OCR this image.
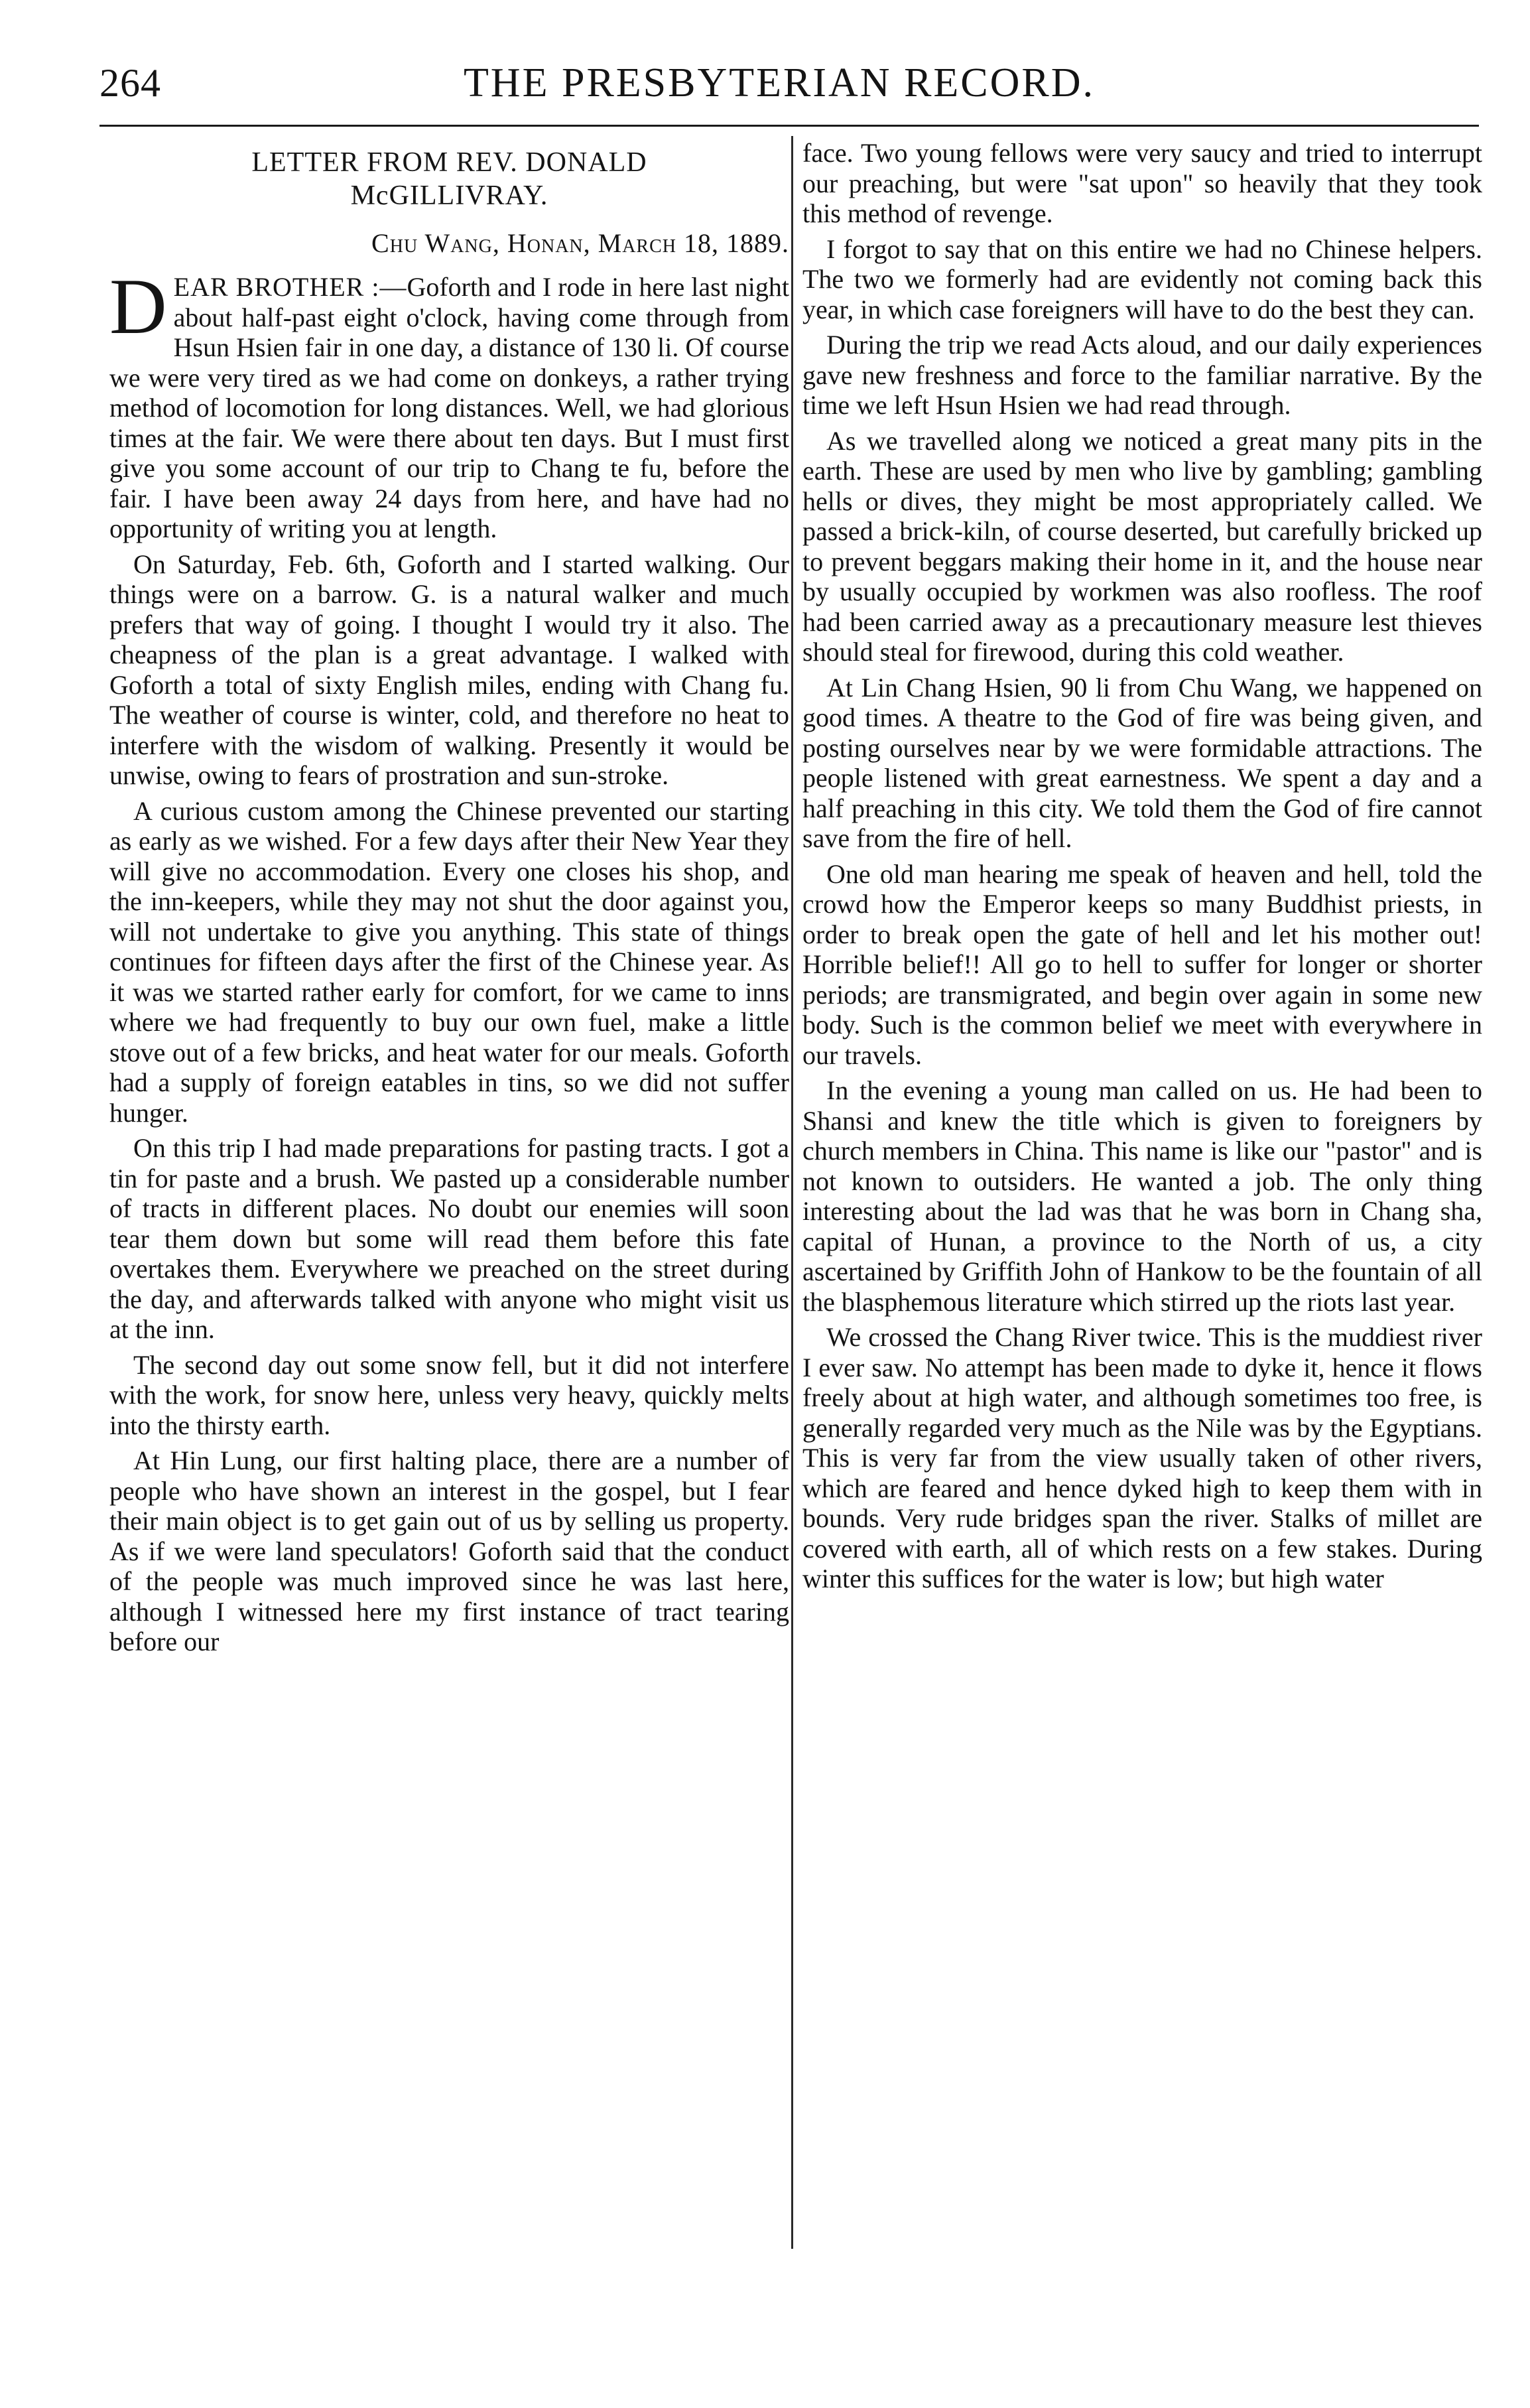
264	THE PRESBYTERIAN RECORD.
LETTER FROM REV. DONALD
McGILLIVRAY.
Chu Wang, Honan, March 18, 1889.

DEAR BROTHER :—Goforth and I rode in here last night about half-past eight o'clock, having come through from Hsun Hsien fair in one day, a distance of 130 li. Of course we were very tired as we had come on donkeys, a rather trying method of locomotion for long distances. Well, we had glorious times at the fair. We were there about ten days. But I must first give you some account of our trip to Chang te fu, before the fair. I have been away 24 days from here, and have had no opportunity of writing you at length.

On Saturday, Feb. 6th, Goforth and I started walking. Our things were on a barrow. G. is a natural walker and much prefers that way of going. I thought I would try it also. The cheapness of the plan is a great advantage. I walked with Goforth a total of sixty English miles, ending with Chang fu. The weather of course is winter, cold, and therefore no heat to interfere with the wisdom of walking. Presently it would be unwise, owing to fears of prostration and sun-stroke.

A curious custom among the Chinese prevented our starting as early as we wished. For a few days after their New Year they will give no accommodation. Every one closes his shop, and the inn-keepers, while they may not shut the door against you, will not undertake to give you anything. This state of things continues for fifteen days after the first of the Chinese year. As it was we started rather early for comfort, for we came to inns where we had frequently to buy our own fuel, make a little stove out of a few bricks, and heat water for our meals. Goforth had a supply of foreign eatables in tins, so we did not suffer hunger.

On this trip I had made preparations for pasting tracts. I got a tin for paste and a brush. We pasted up a considerable number of tracts in different places. No doubt our enemies will soon tear them down but some will read them before this fate overtakes them. Everywhere we preached on the street during the day, and afterwards talked with anyone who might visit us at the inn.

The second day out some snow fell, but it did not interfere with the work, for snow here, unless very heavy, quickly melts into the thirsty earth.

At Hin Lung, our first halting place, there are a number of people who have shown an interest in the gospel, but I fear their main object is to get gain out of us by selling us property. As if we were land speculators! Goforth said that the conduct of the people was much improved since he was last here, although I witnessed here my first instance of tract tearing before our

face. Two young fellows were very saucy and tried to interrupt our preaching, but were "sat upon" so heavily that they took this method of revenge.

I forgot to say that on this entire we had no Chinese helpers. The two we formerly had are evidently not coming back this year, in which case foreigners will have to do the best they can.

During the trip we read Acts aloud, and our daily experiences gave new freshness and force to the familiar narrative. By the time we left Hsun Hsien we had read through.

As we travelled along we noticed a great many pits in the earth. These are used by men who live by gambling; gambling hells or dives, they might be most appropriately called. We passed a brick-kiln, of course deserted, but carefully bricked up to prevent beggars making their home in it, and the house near by usually occupied by workmen was also roofless. The roof had been carried away as a precautionary measure lest thieves should steal for firewood, during this cold weather.

At Lin Chang Hsien, 90 li from Chu Wang, we happened on good times. A theatre to the God of fire was being given, and posting ourselves near by we were formidable attractions. The people listened with great earnestness. We spent a day and a half preaching in this city. We told them the God of fire cannot save from the fire of hell.

One old man hearing me speak of heaven and hell, told the crowd how the Emperor keeps so many Buddhist priests, in order to break open the gate of hell and let his mother out! Horrible belief!! All go to hell to suffer for longer or shorter periods; are transmigrated, and begin over again in some new body. Such is the common belief we meet with everywhere in our travels.

In the evening a young man called on us. He had been to Shansi and knew the title which is given to foreigners by church members in China. This name is like our "pastor" and is not known to outsiders. He wanted a job. The only thing interesting about the lad was that he was born in Chang sha, capital of Hunan, a province to the North of us, a city ascertained by Griffith John of Hankow to be the fountain of all the blasphemous literature which stirred up the riots last year.

We crossed the Chang River twice. This is the muddiest river I ever saw. No attempt has been made to dyke it, hence it flows freely about at high water, and although sometimes too free, is generally regarded very much as the Nile was by the Egyptians. This is very far from the view usually taken of other rivers, which are feared and hence dyked high to keep them with in bounds. Very rude bridges span the river. Stalks of millet are covered with earth, all of which rests on a few stakes. During winter this suffices for the water is low; but high water
